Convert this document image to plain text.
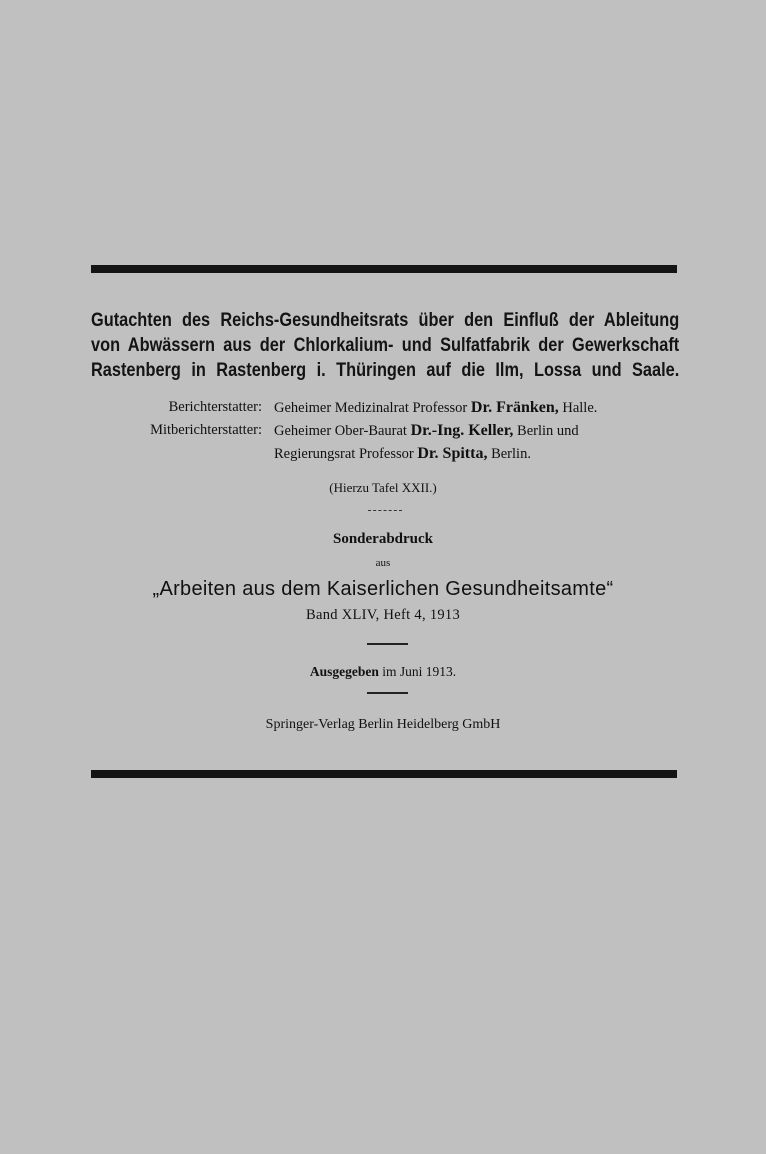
Gutachten des Reichs-Gesundheitsrats über den Einfluß der Ableitung
von Abwässern aus der Chlorkalium- und Sulfatfabrik der Gewerkschaft
Rastenberg in Rastenberg i. Thüringen auf die Ilm, Lossa und Saale.
Berichterstatter: Geheimer Medizinalrat Professor Dr. Fränken, Halle.
Mitberichterstatter: Geheimer Ober-Baurat Dr.-Ing. Keller, Berlin und
Regierungsrat Professor Dr. Spitta, Berlin.
(Hierzu Tafel XXII.)
Sonderabdruck
aus
„Arbeiten aus dem Kaiserlichen Gesundheitsamte“
Band XLIV, Heft 4, 1913
Ausgegeben im Juni 1913.
Springer-Verlag Berlin Heidelberg GmbH
